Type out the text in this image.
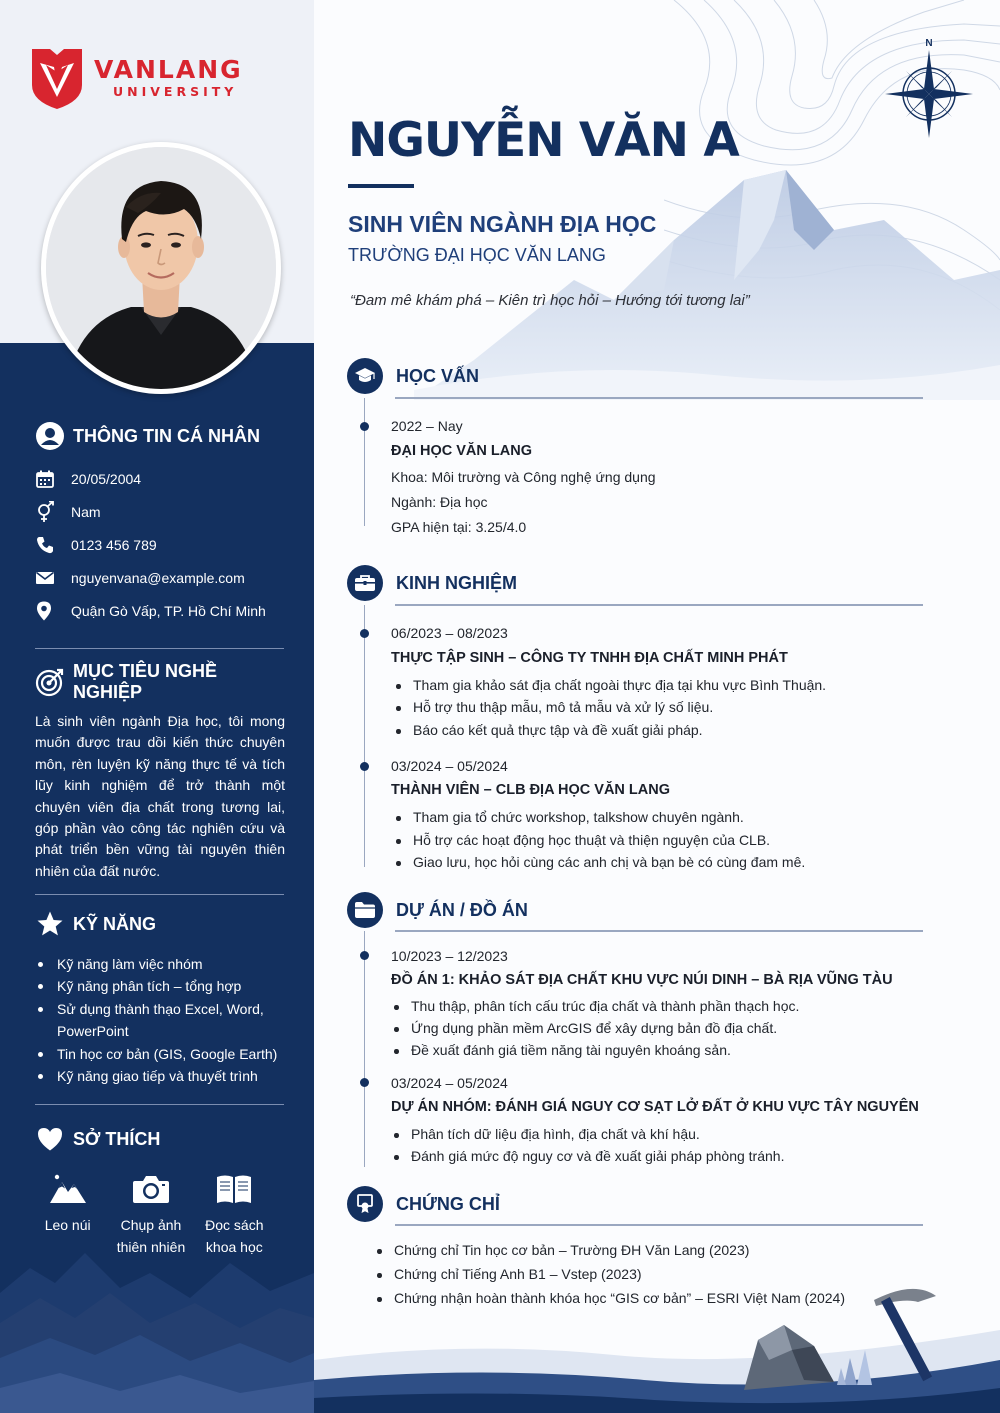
VANLANG
UNIVERSITY
THÔNG TIN CÁ NHÂN
20/05/2004
Nam
0123 456 789
nguyenvana@example.com
Quận Gò Vấp, TP. Hồ Chí Minh
MỤC TIÊU NGHỀ NGHIỆP

Là sinh viên ngành Địa học, tôi mong muốn được trau dồi kiến thức chuyên môn, rèn luyện kỹ năng thực tế và tích lũy kinh nghiệm để trở thành một chuyên viên địa chất trong tương lai, góp phần vào công tác nghiên cứu và phát triển bền vững tài nguyên thiên nhiên của đất nước.

KỸ NĂNG
Kỹ năng làm việc nhóm
Kỹ năng phân tích – tổng hợp
Sử dụng thành thạo Excel, Word, PowerPoint
Tin học cơ bản (GIS, Google Earth)
Kỹ năng giao tiếp và thuyết trình
SỞ THÍCH
Leo núi	Chụp ảnh
thiên nhiên
Đọc sách
khoa học
N
NGUYỄN VĂN A
SINH VIÊN NGÀNH ĐỊA HỌC
TRƯỜNG ĐẠI HỌC VĂN LANG
“Đam mê khám phá – Kiên trì học hỏi – Hướng tới tương lai”
HỌC VẤN
2022 – Nay
ĐẠI HỌC VĂN LANG
Khoa: Môi trường và Công nghệ ứng dụng
Ngành: Địa học
GPA hiện tại: 3.25/4.0
KINH NGHIỆM
06/2023 – 08/2023
THỰC TẬP SINH – CÔNG TY TNHH ĐỊA CHẤT MINH PHÁT
Tham gia khảo sát địa chất ngoài thực địa tại khu vực Bình Thuận.
Hỗ trợ thu thập mẫu, mô tả mẫu và xử lý số liệu.
Báo cáo kết quả thực tập và đề xuất giải pháp.
03/2024 – 05/2024
THÀNH VIÊN – CLB ĐỊA HỌC VĂN LANG
Tham gia tổ chức workshop, talkshow chuyên ngành.
Hỗ trợ các hoạt động học thuật và thiện nguyện của CLB.
Giao lưu, học hỏi cùng các anh chị và bạn bè có cùng đam mê.
DỰ ÁN / ĐỒ ÁN
10/2023 – 12/2023
ĐỒ ÁN 1: KHẢO SÁT ĐỊA CHẤT KHU VỰC NÚI DINH – BÀ RỊA VŨNG TÀU
Thu thập, phân tích cấu trúc địa chất và thành phần thạch học.
Ứng dụng phần mềm ArcGIS để xây dựng bản đồ địa chất.
Đề xuất đánh giá tiềm năng tài nguyên khoáng sản.
03/2024 – 05/2024
DỰ ÁN NHÓM: ĐÁNH GIÁ NGUY CƠ SẠT LỞ ĐẤT Ở KHU VỰC TÂY NGUYÊN
Phân tích dữ liệu địa hình, địa chất và khí hậu.
Đánh giá mức độ nguy cơ và đề xuất giải pháp phòng tránh.
CHỨNG CHỈ
Chứng chỉ Tin học cơ bản – Trường ĐH Văn Lang (2023)
Chứng chỉ Tiếng Anh B1 – Vstep (2023)
Chứng nhận hoàn thành khóa học “GIS cơ bản” – ESRI Việt Nam (2024)
